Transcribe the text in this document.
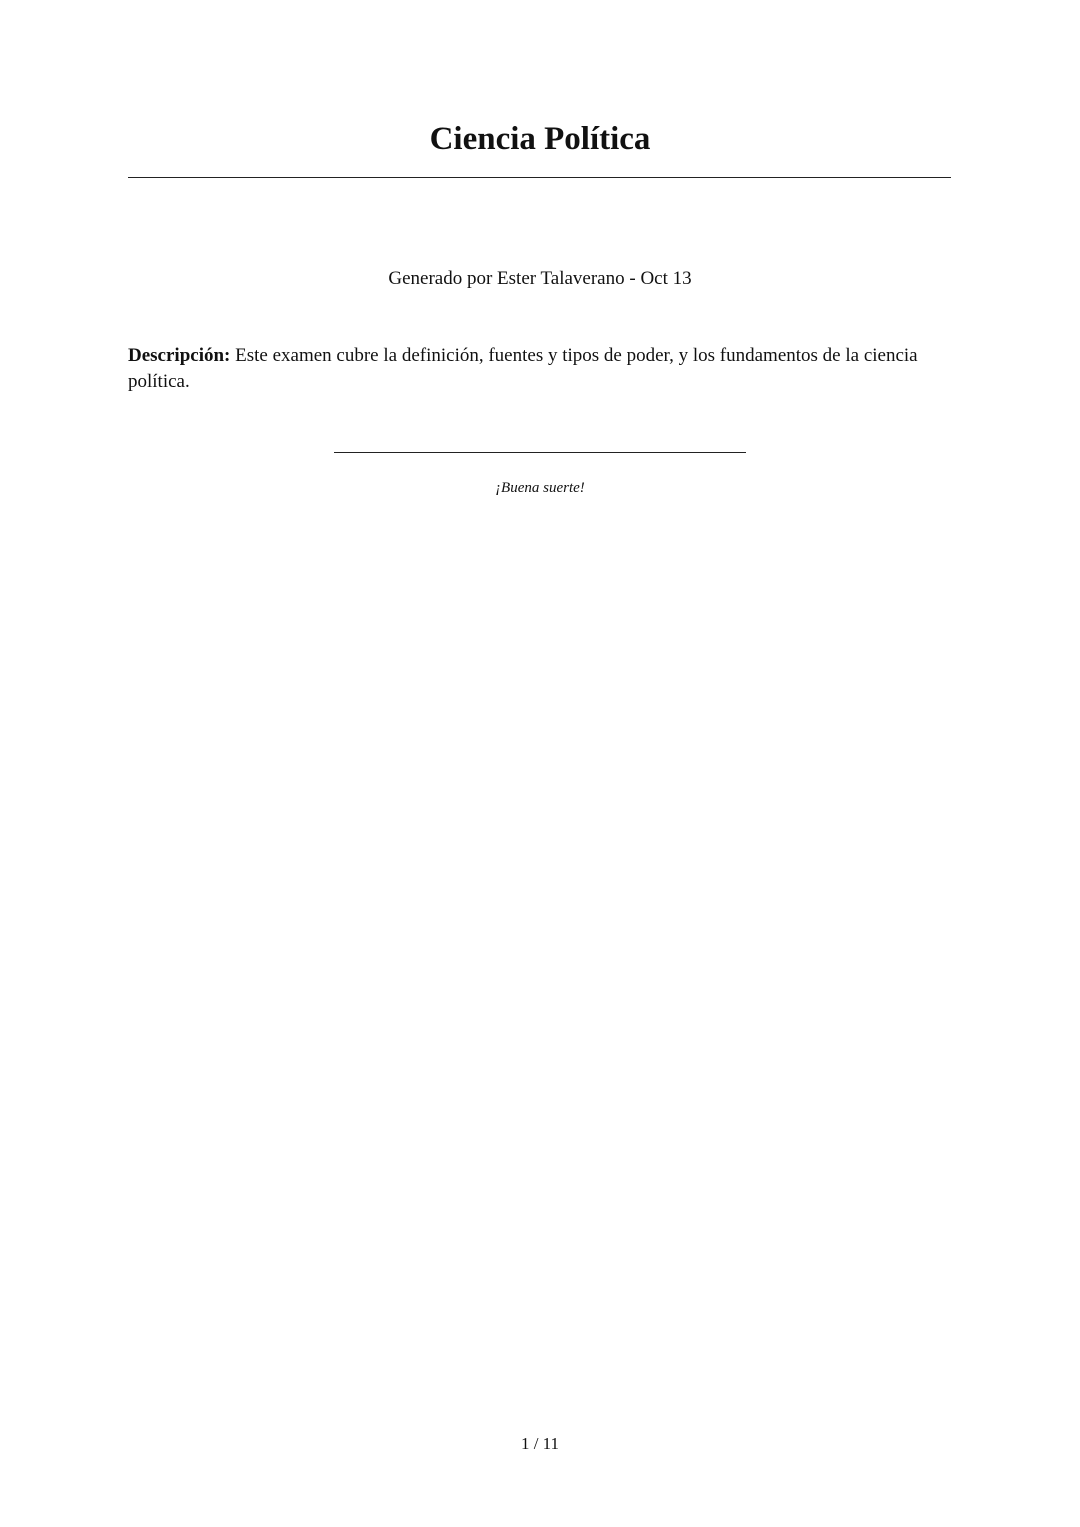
Ciencia Política
Generado por Ester Talaverano - Oct 13

Descripción: Este examen cubre la definición, fuentes y tipos de poder, y los fundamentos de la ciencia política.

¡Buena suerte!
1 / 11
